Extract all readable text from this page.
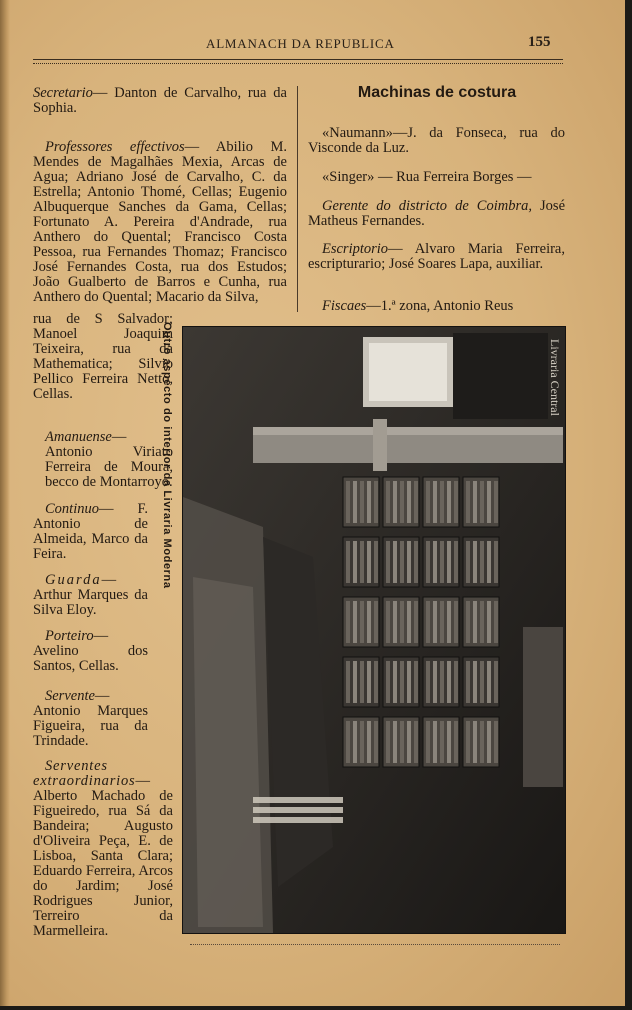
ALMANACH DA REPUBLICA	155

Secretario— Danton de Carvalho, rua da Sophia.

Professores effectivos— Abilio M. Mendes de Magalhães Mexia, Arcas de Agua; Adriano José de Carvalho, C. da Estrella; Antonio Thomé, Cellas; Eugenio Albuquerque Sanches da Gama, Cellas; Fortunato A. Pereira d'Andrade, rua Anthero do Quental; Francisco Costa Pessoa, rua Fernandes Thomaz; Francisco José Fernandes Costa, rua dos Estudos; João Gualberto de Barros e Cunha, rua Anthero do Quental; Macario da Silva,

rua de S Salvador; Manoel Joaquim Teixeira, rua da Mathematica; Silvio Pellico Ferreira Netto, Cellas.

Amanuense— Antonio Viriato Ferreira de Moura, becco de Montarroyo.

Continuo— F. Antonio de Almeida, Marco da Feira.

Guarda— Arthur Marques da Silva Eloy.

Porteiro— Avelino dos Santos, Cellas.

Servente— Antonio Marques Figueira, rua da Trindade.

Serventes extraordinarios— Alberto Machado de Figueiredo, rua Sá da Bandeira; Augusto d'Oliveira Peça, E. de Lisboa, Santa Clara; Eduardo Ferreira, Arcos do Jardim; José Rodrigues Junior, Terreiro da Marmelleira.

Machinas de costura

«Naumann»—J. da Fonseca, rua do Visconde da Luz.

«Singer» — Rua Ferreira Borges —

Gerente do districto de Coimbra, José Matheus Fernandes.

Escriptorio— Alvaro Maria Ferreira, escripturario; José Soares Lapa, auxiliar.

Fiscaes—1.ª zona, Antonio Reus

Outro aspecto do interior da Livraria Moderna	Livraria Central
